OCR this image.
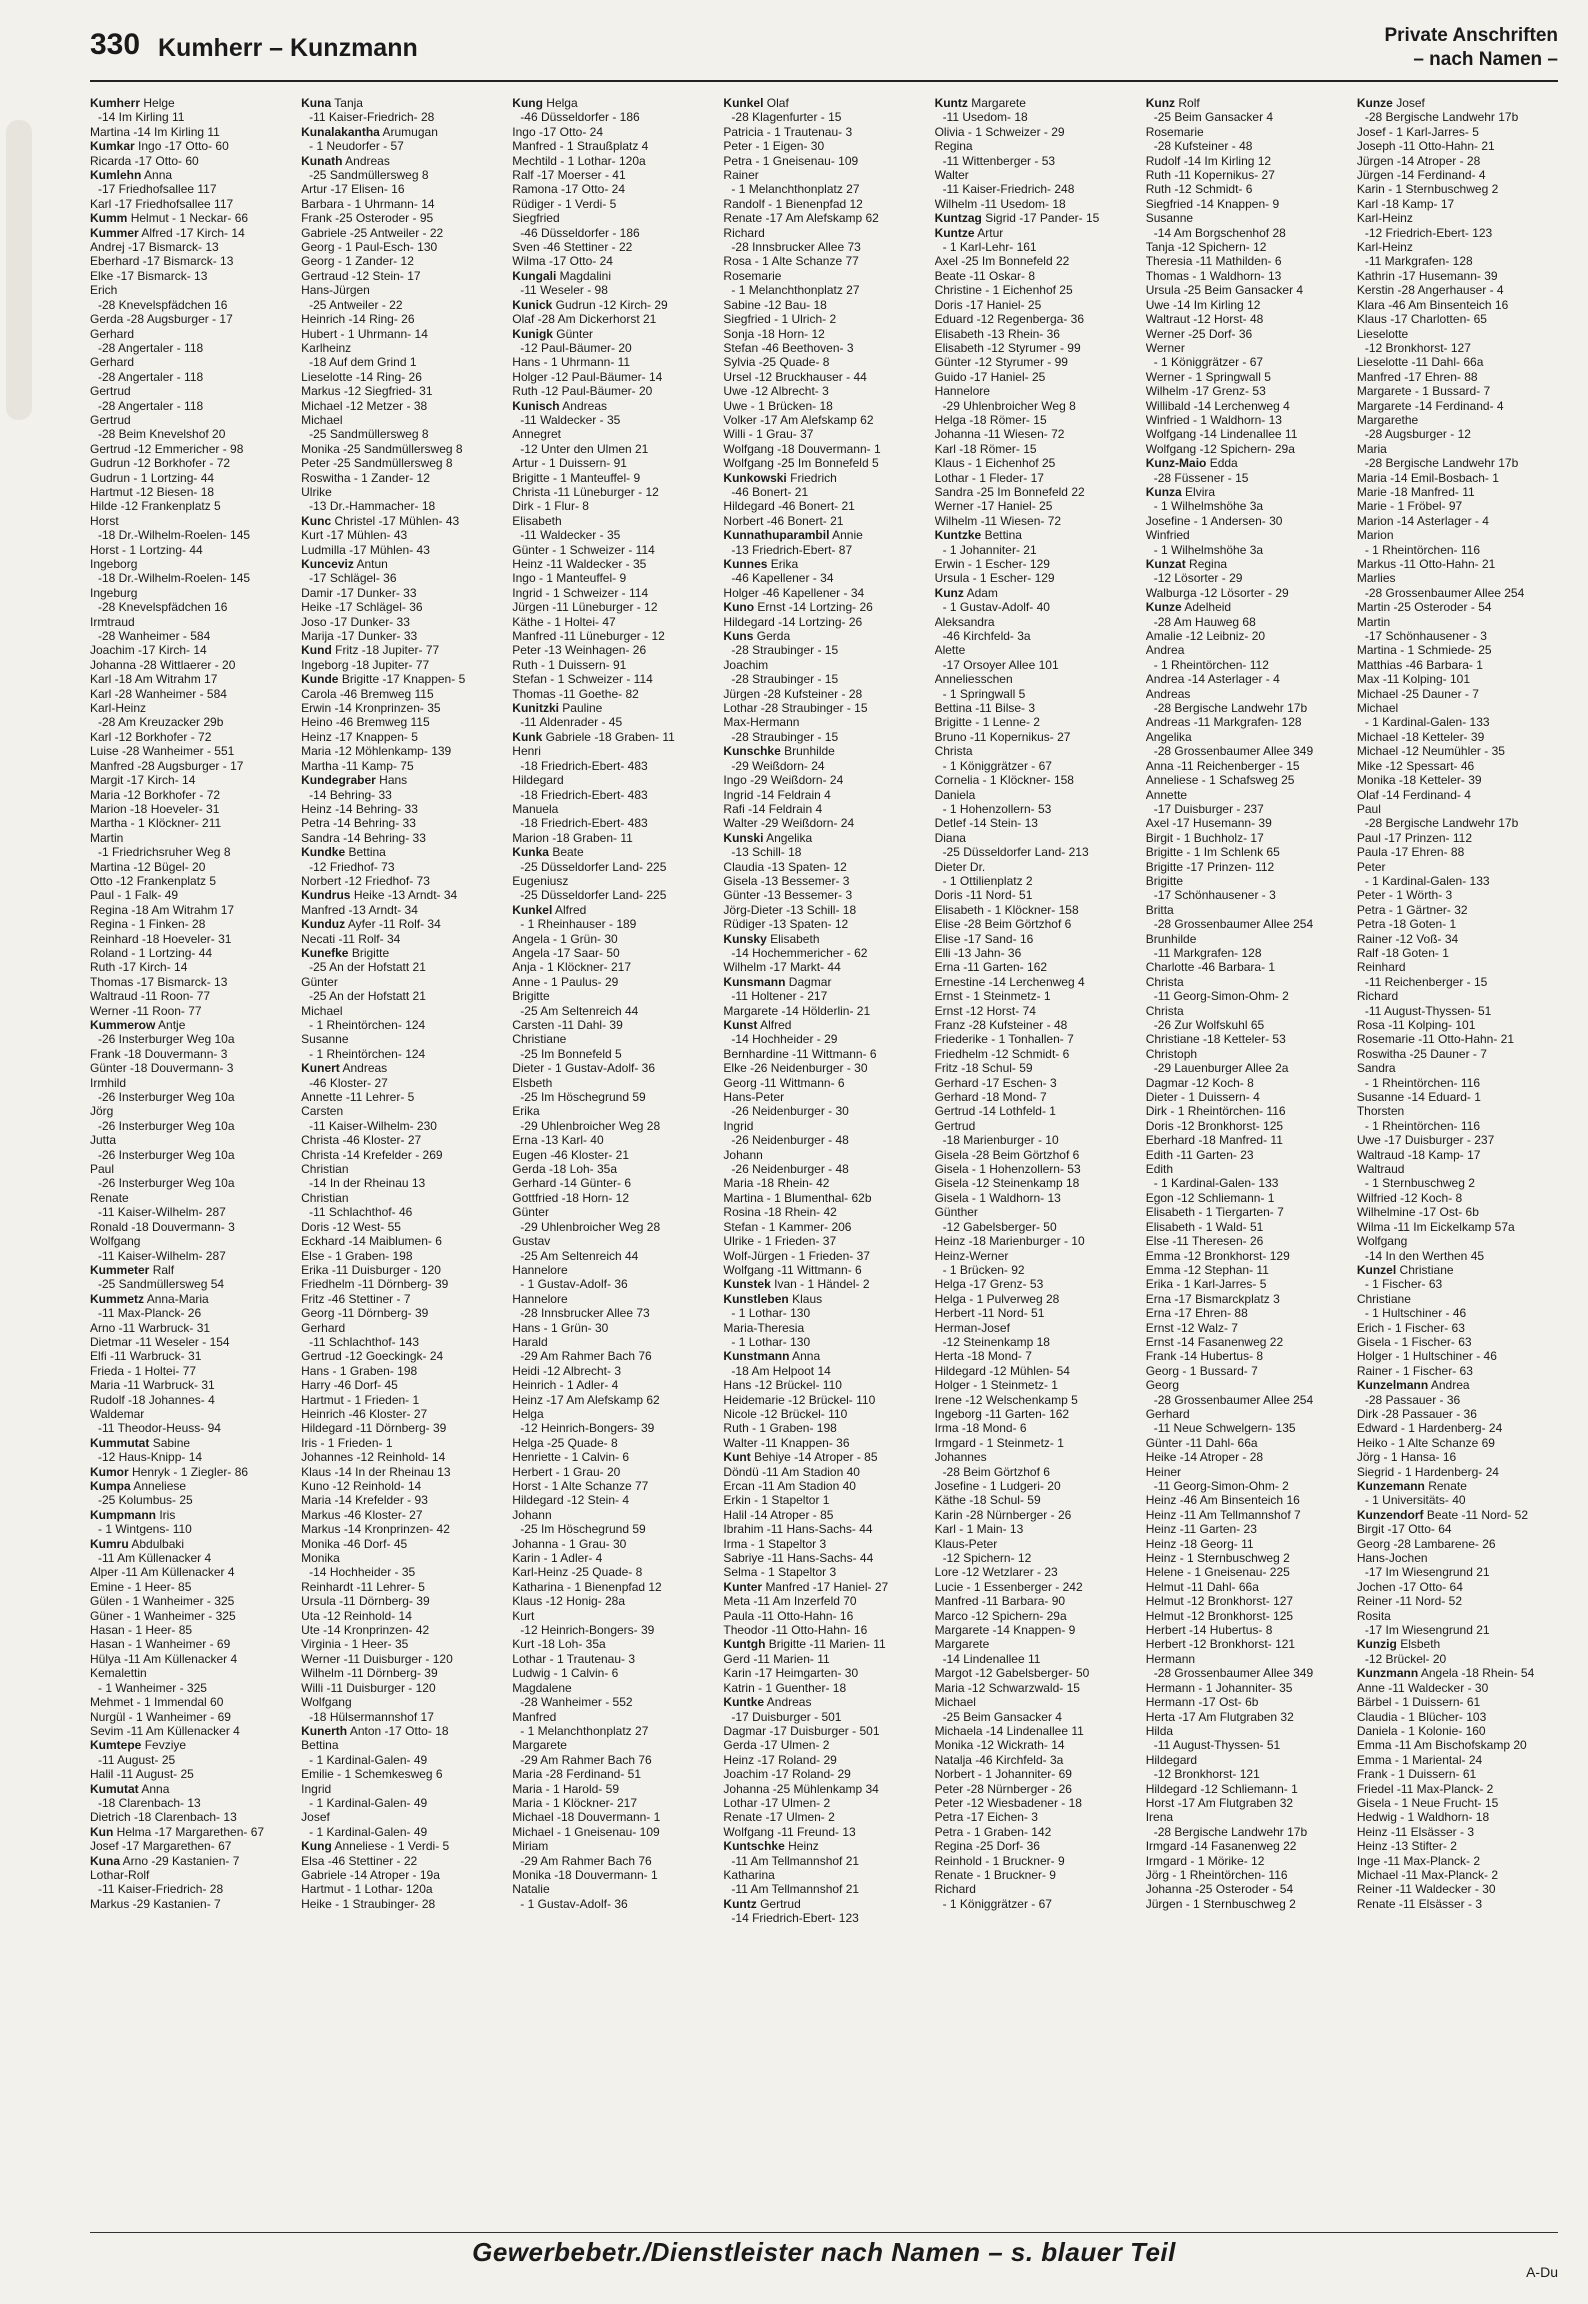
330 Kumherr – Kunzmann	Private Anschriften
– nach Namen –
Kumherr Helge
-14 Im Kirling 11
Martina -14 Im Kirling 11
Kumkar Ingo -17 Otto- 60
Ricarda -17 Otto- 60
Kumlehn Anna
-17 Friedhofsallee 117
Karl -17 Friedhofsallee 117
Kumm Helmut - 1 Neckar- 66
Kummer Alfred -17 Kirch- 14
Andrej -17 Bismarck- 13
Eberhard -17 Bismarck- 13
Elke -17 Bismarck- 13
Erich
-28 Knevelspfädchen 16
Gerda -28 Augsburger - 17
Gerhard
-28 Angertaler - 118
Gerhard
-28 Angertaler - 118
Gertrud
-28 Angertaler - 118
Gertrud
-28 Beim Knevelshof 20
Gertrud -12 Emmericher - 98
Gudrun -12 Borkhofer - 72
Gudrun - 1 Lortzing- 44
Hartmut -12 Biesen- 18
Hilde -12 Frankenplatz 5
Horst
-18 Dr.-Wilhelm-Roelen- 145
Horst - 1 Lortzing- 44
Ingeborg
-18 Dr.-Wilhelm-Roelen- 145
Ingeburg
-28 Knevelspfädchen 16
Irmtraud
-28 Wanheimer - 584
Joachim -17 Kirch- 14
Johanna -28 Wittlaerer - 20
Karl -18 Am Witrahm 17
Karl -28 Wanheimer - 584
Karl-Heinz
-28 Am Kreuzacker 29b
Karl -12 Borkhofer - 72
Luise -28 Wanheimer - 551
Manfred -28 Augsburger - 17
Margit -17 Kirch- 14
Maria -12 Borkhofer - 72
Marion -18 Hoeveler- 31
Martha - 1 Klöckner- 211
Martin
-1 Friedrichsruher Weg 8
Martina -12 Bügel- 20
Otto -12 Frankenplatz 5
Paul - 1 Falk- 49
Regina -18 Am Witrahm 17
Regina - 1 Finken- 28
Reinhard -18 Hoeveler- 31
Roland - 1 Lortzing- 44
Ruth -17 Kirch- 14
Thomas -17 Bismarck- 13
Waltraud -11 Roon- 77
Werner -11 Roon- 77
Kummerow Antje
-26 Insterburger Weg 10a
Frank -18 Douvermann- 3
Günter -18 Douvermann- 3
Irmhild
-26 Insterburger Weg 10a
Jörg
-26 Insterburger Weg 10a
Jutta
-26 Insterburger Weg 10a
Paul
-26 Insterburger Weg 10a
Renate
-11 Kaiser-Wilhelm- 287
Ronald -18 Douvermann- 3
Wolfgang
-11 Kaiser-Wilhelm- 287
Kummeter Ralf
-25 Sandmüllersweg 54
Kummetz Anna-Maria
-11 Max-Planck- 26
Arno -11 Warbruck- 31
Dietmar -11 Weseler - 154
Elfi -11 Warbruck- 31
Frieda - 1 Holtei- 77
Maria -11 Warbruck- 31
Rudolf -18 Johannes- 4
Waldemar
-11 Theodor-Heuss- 94
Kummutat Sabine
-12 Haus-Knipp- 14
Kumor Henryk - 1 Ziegler- 86
Kumpa Anneliese
-25 Kolumbus- 25
Kumpmann Iris
- 1 Wintgens- 110
Kumru Abdulbaki
-11 Am Küllenacker 4
Alper -11 Am Küllenacker 4
Emine - 1 Heer- 85
Gülen - 1 Wanheimer - 325
Güner - 1 Wanheimer - 325
Hasan - 1 Heer- 85
Hasan - 1 Wanheimer - 69
Hülya -11 Am Küllenacker 4
Kemalettin
- 1 Wanheimer - 325
Mehmet - 1 Immendal 60
Nurgül - 1 Wanheimer - 69
Sevim -11 Am Küllenacker 4
Kumtepe Fevziye
-11 August- 25
Halil -11 August- 25
Kumutat Anna
-18 Clarenbach- 13
Dietrich -18 Clarenbach- 13
Kun Helma -17 Margarethen- 67
Josef -17 Margarethen- 67
Kuna Arno -29 Kastanien- 7
Lothar-Rolf
-11 Kaiser-Friedrich- 28
Markus -29 Kastanien- 7
Kuna Tanja
-11 Kaiser-Friedrich- 28
Kunalakantha Arumugan
- 1 Neudorfer - 57
Kunath Andreas
-25 Sandmüllersweg 8
Artur -17 Elisen- 16
Barbara - 1 Uhrmann- 14
Frank -25 Osteroder - 95
Gabriele -25 Antweiler - 22
Georg - 1 Paul-Esch- 130
Georg - 1 Zander- 12
Gertraud -12 Stein- 17
Hans-Jürgen
-25 Antweiler - 22
Heinrich -14 Ring- 26
Hubert - 1 Uhrmann- 14
Karlheinz
-18 Auf dem Grind 1
Lieselotte -14 Ring- 26
Markus -12 Siegfried- 31
Michael -12 Metzer - 38
Michael
-25 Sandmüllersweg 8
Monika -25 Sandmüllersweg 8
Peter -25 Sandmüllersweg 8
Roswitha - 1 Zander- 12
Ulrike
-13 Dr.-Hammacher- 18
Kunc Christel -17 Mühlen- 43
Kurt -17 Mühlen- 43
Ludmilla -17 Mühlen- 43
Kunceviz Antun
-17 Schlägel- 36
Damir -17 Dunker- 33
Heike -17 Schlägel- 36
Joso -17 Dunker- 33
Marija -17 Dunker- 33
Kund Fritz -18 Jupiter- 77
Ingeborg -18 Jupiter- 77
Kunde Brigitte -17 Knappen- 5
Carola -46 Bremweg 115
Erwin -14 Kronprinzen- 35
Heino -46 Bremweg 115
Heinz -17 Knappen- 5
Maria -12 Möhlenkamp- 139
Martha -11 Kamp- 75
Kundegraber Hans
-14 Behring- 33
Heinz -14 Behring- 33
Petra -14 Behring- 33
Sandra -14 Behring- 33
Kundke Bettina
-12 Friedhof- 73
Norbert -12 Friedhof- 73
Kundrus Heike -13 Arndt- 34
Manfred -13 Arndt- 34
Kunduz Ayfer -11 Rolf- 34
Necati -11 Rolf- 34
Kunefke Brigitte
-25 An der Hofstatt 21
Günter
-25 An der Hofstatt 21
Michael
- 1 Rheintörchen- 124
Susanne
- 1 Rheintörchen- 124
Kunert Andreas
-46 Kloster- 27
Annette -11 Lehrer- 5
Carsten
-11 Kaiser-Wilhelm- 230
Christa -46 Kloster- 27
Christa -14 Krefelder - 269
Christian
-14 In der Rheinau 13
Christian
-11 Schlachthof- 46
Doris -12 West- 55
Eckhard -14 Maiblumen- 6
Else - 1 Graben- 198
Erika -11 Duisburger - 120
Friedhelm -11 Dörnberg- 39
Fritz -46 Stettiner - 7
Georg -11 Dörnberg- 39
Gerhard
-11 Schlachthof- 143
Gertrud -12 Goeckingk- 24
Hans - 1 Graben- 198
Harry -46 Dorf- 45
Hartmut - 1 Frieden- 1
Heinrich -46 Kloster- 27
Hildegard -11 Dörnberg- 39
Iris - 1 Frieden- 1
Johannes -12 Reinhold- 14
Klaus -14 In der Rheinau 13
Kuno -12 Reinhold- 14
Maria -14 Krefelder - 93
Markus -46 Kloster- 27
Markus -14 Kronprinzen- 42
Monika -46 Dorf- 45
Monika
-14 Hochheider - 35
Reinhardt -11 Lehrer- 5
Ursula -11 Dörnberg- 39
Uta -12 Reinhold- 14
Ute -14 Kronprinzen- 42
Virginia - 1 Heer- 35
Werner -11 Duisburger - 120
Wilhelm -11 Dörnberg- 39
Willi -11 Duisburger - 120
Wolfgang
-18 Hülsermannshof 17
Kunerth Anton -17 Otto- 18
Bettina
- 1 Kardinal-Galen- 49
Emilie - 1 Schemkesweg 6
Ingrid
- 1 Kardinal-Galen- 49
Josef
- 1 Kardinal-Galen- 49
Kung Anneliese - 1 Verdi- 5
Elsa -46 Stettiner - 22
Gabriele -14 Atroper - 19a
Hartmut - 1 Lothar- 120a
Heike - 1 Straubinger- 28
Kung Helga
-46 Düsseldorfer - 186
Ingo -17 Otto- 24
Manfred - 1 Straußplatz 4
Mechtild - 1 Lothar- 120a
Ralf -17 Moerser - 41
Ramona -17 Otto- 24
Rüdiger - 1 Verdi- 5
Siegfried
-46 Düsseldorfer - 186
Sven -46 Stettiner - 22
Wilma -17 Otto- 24
Kungali Magdalini
-11 Weseler - 98
Kunick Gudrun -12 Kirch- 29
Olaf -28 Am Dickerhorst 21
Kunigk Günter
-12 Paul-Bäumer- 20
Hans - 1 Uhrmann- 11
Holger -12 Paul-Bäumer- 14
Ruth -12 Paul-Bäumer- 20
Kunisch Andreas
-11 Waldecker - 35
Annegret
-12 Unter den Ulmen 21
Artur - 1 Duissern- 91
Brigitte - 1 Manteuffel- 9
Christa -11 Lüneburger - 12
Dirk - 1 Flur- 8
Elisabeth
-11 Waldecker - 35
Günter - 1 Schweizer - 114
Heinz -11 Waldecker - 35
Ingo - 1 Manteuffel- 9
Ingrid - 1 Schweizer - 114
Jürgen -11 Lüneburger - 12
Käthe - 1 Holtei- 47
Manfred -11 Lüneburger - 12
Peter -13 Weinhagen- 26
Ruth - 1 Duissern- 91
Stefan - 1 Schweizer - 114
Thomas -11 Goethe- 82
Kunitzki Pauline
-11 Aldenrader - 45
Kunk Gabriele -18 Graben- 11
Henri
-18 Friedrich-Ebert- 483
Hildegard
-18 Friedrich-Ebert- 483
Manuela
-18 Friedrich-Ebert- 483
Marion -18 Graben- 11
Kunka Beate
-25 Düsseldorfer Land- 225
Eugeniusz
-25 Düsseldorfer Land- 225
Kunkel Alfred
- 1 Rheinhauser - 189
Angela - 1 Grün- 30
Angela -17 Saar- 50
Anja - 1 Klöckner- 217
Anne - 1 Paulus- 29
Brigitte
-25 Am Seltenreich 44
Carsten -11 Dahl- 39
Christiane
-25 Im Bonnefeld 5
Dieter - 1 Gustav-Adolf- 36
Elsbeth
-25 Im Höschegrund 59
Erika
-29 Uhlenbroicher Weg 28
Erna -13 Karl- 40
Eugen -46 Kloster- 21
Gerda -18 Loh- 35a
Gerhard -14 Günter- 6
Gottfried -18 Horn- 12
Günter
-29 Uhlenbroicher Weg 28
Gustav
-25 Am Seltenreich 44
Hannelore
- 1 Gustav-Adolf- 36
Hannelore
-28 Innsbrucker Allee 73
Hans - 1 Grün- 30
Harald
-29 Am Rahmer Bach 76
Heidi -12 Albrecht- 3
Heinrich - 1 Adler- 4
Heinz -17 Am Alefskamp 62
Helga
-12 Heinrich-Bongers- 39
Helga -25 Quade- 8
Henriette - 1 Calvin- 6
Herbert - 1 Grau- 20
Horst - 1 Alte Schanze 77
Hildegard -12 Stein- 4
Johann
-25 Im Höschegrund 59
Johanna - 1 Grau- 30
Karin - 1 Adler- 4
Karl-Heinz -25 Quade- 8
Katharina - 1 Bienenpfad 12
Klaus -12 Honig- 28a
Kurt
-12 Heinrich-Bongers- 39
Kurt -18 Loh- 35a
Lothar - 1 Trautenau- 3
Ludwig - 1 Calvin- 6
Magdalene
-28 Wanheimer - 552
Manfred
- 1 Melanchthonplatz 27
Margarete
-29 Am Rahmer Bach 76
Maria -28 Ferdinand- 51
Maria - 1 Harold- 59
Maria - 1 Klöckner- 217
Michael -18 Douvermann- 1
Michael - 1 Gneisenau- 109
Miriam
-29 Am Rahmer Bach 76
Monika -18 Douvermann- 1
Natalie
- 1 Gustav-Adolf- 36
Kunkel Olaf
-28 Klagenfurter - 15
Patricia - 1 Trautenau- 3
Peter - 1 Eigen- 30
Petra - 1 Gneisenau- 109
Rainer
- 1 Melanchthonplatz 27
Randolf - 1 Bienenpfad 12
Renate -17 Am Alefskamp 62
Richard
-28 Innsbrucker Allee 73
Rosa - 1 Alte Schanze 77
Rosemarie
- 1 Melanchthonplatz 27
Sabine -12 Bau- 18
Siegfried - 1 Ulrich- 2
Sonja -18 Horn- 12
Stefan -46 Beethoven- 3
Sylvia -25 Quade- 8
Ursel -12 Bruckhauser - 44
Uwe -12 Albrecht- 3
Uwe - 1 Brücken- 18
Volker -17 Am Alefskamp 62
Willi - 1 Grau- 37
Wolfgang -18 Douvermann- 1
Wolfgang -25 Im Bonnefeld 5
Kunkowski Friedrich
-46 Bonert- 21
Hildegard -46 Bonert- 21
Norbert -46 Bonert- 21
Kunnathuparambil Annie
-13 Friedrich-Ebert- 87
Kunnes Erika
-46 Kapellener - 34
Holger -46 Kapellener - 34
Kuno Ernst -14 Lortzing- 26
Hildegard -14 Lortzing- 26
Kuns Gerda
-28 Straubinger - 15
Joachim
-28 Straubinger - 15
Jürgen -28 Kufsteiner - 28
Lothar -28 Straubinger - 15
Max-Hermann
-28 Straubinger - 15
Kunschke Brunhilde
-29 Weißdorn- 24
Ingo -29 Weißdorn- 24
Ingrid -14 Feldrain 4
Rafi -14 Feldrain 4
Walter -29 Weißdorn- 24
Kunski Angelika
-13 Schill- 18
Claudia -13 Spaten- 12
Gisela -13 Bessemer- 3
Günter -13 Bessemer- 3
Jörg-Dieter -13 Schill- 18
Rüdiger -13 Spaten- 12
Kunsky Elisabeth
-14 Hochemmericher - 62
Wilhelm -17 Markt- 44
Kunsmann Dagmar
-11 Holtener - 217
Margarete -14 Hölderlin- 21
Kunst Alfred
-14 Hochheider - 29
Bernhardine -11 Wittmann- 6
Elke -26 Neidenburger - 30
Georg -11 Wittmann- 6
Hans-Peter
-26 Neidenburger - 30
Ingrid
-26 Neidenburger - 48
Johann
-26 Neidenburger - 48
Maria -18 Rhein- 42
Martina - 1 Blumenthal- 62b
Rosina -18 Rhein- 42
Stefan - 1 Kammer- 206
Ulrike - 1 Frieden- 37
Wolf-Jürgen - 1 Frieden- 37
Wolfgang -11 Wittmann- 6
Kunstek Ivan - 1 Händel- 2
Kunstleben Klaus
- 1 Lothar- 130
Maria-Theresia
- 1 Lothar- 130
Kunstmann Anna
-18 Am Helpoot 14
Hans -12 Brückel- 110
Heidemarie -12 Brückel- 110
Nicole -12 Brückel- 110
Ruth - 1 Graben- 198
Walter -11 Knappen- 36
Kunt Behiye -14 Atroper - 85
Döndü -11 Am Stadion 40
Ercan -11 Am Stadion 40
Erkin - 1 Stapeltor 1
Halil -14 Atroper - 85
Ibrahim -11 Hans-Sachs- 44
Irma - 1 Stapeltor 3
Sabriye -11 Hans-Sachs- 44
Selma - 1 Stapeltor 3
Kunter Manfred -17 Haniel- 27
Meta -11 Am Inzerfeld 70
Paula -11 Otto-Hahn- 16
Theodor -11 Otto-Hahn- 16
Kuntgh Brigitte -11 Marien- 11
Gerd -11 Marien- 11
Karin -17 Heimgarten- 30
Katrin - 1 Guenther- 18
Kuntke Andreas
-17 Duisburger - 501
Dagmar -17 Duisburger - 501
Gerda -17 Ulmen- 2
Heinz -17 Roland- 29
Joachim -17 Roland- 29
Johanna -25 Mühlenkamp 34
Lothar -17 Ulmen- 2
Renate -17 Ulmen- 2
Wolfgang -11 Freund- 13
Kuntschke Heinz
-11 Am Tellmannshof 21
Katharina
-11 Am Tellmannshof 21
Kuntz Gertrud
-14 Friedrich-Ebert- 123
Kuntz Margarete
-11 Usedom- 18
Olivia - 1 Schweizer - 29
Regina
-11 Wittenberger - 53
Walter
-11 Kaiser-Friedrich- 248
Wilhelm -11 Usedom- 18
Kuntzag Sigrid -17 Pander- 15
Kuntze Artur
- 1 Karl-Lehr- 161
Axel -25 Im Bonnefeld 22
Beate -11 Oskar- 8
Christine - 1 Eichenhof 25
Doris -17 Haniel- 25
Eduard -12 Regenberga- 36
Elisabeth -13 Rhein- 36
Elisabeth -12 Styrumer - 99
Günter -12 Styrumer - 99
Guido -17 Haniel- 25
Hannelore
-29 Uhlenbroicher Weg 8
Helga -18 Römer- 15
Johanna -11 Wiesen- 72
Karl -18 Römer- 15
Klaus - 1 Eichenhof 25
Lothar - 1 Fleder- 17
Sandra -25 Im Bonnefeld 22
Werner -17 Haniel- 25
Wilhelm -11 Wiesen- 72
Kuntzke Bettina
- 1 Johanniter- 21
Erwin - 1 Escher- 129
Ursula - 1 Escher- 129
Kunz Adam
- 1 Gustav-Adolf- 40
Aleksandra
-46 Kirchfeld- 3a
Alette
-17 Orsoyer Allee 101
Anneliesschen
- 1 Springwall 5
Bettina -11 Bilse- 3
Brigitte - 1 Lenne- 2
Bruno -11 Kopernikus- 27
Christa
- 1 Königgrätzer - 67
Cornelia - 1 Klöckner- 158
Daniela
- 1 Hohenzollern- 53
Detlef -14 Stein- 13
Diana
-25 Düsseldorfer Land- 213
Dieter Dr.
- 1 Ottilienplatz 2
Doris -11 Nord- 51
Elisabeth - 1 Klöckner- 158
Elise -28 Beim Görtzhof 6
Elise -17 Sand- 16
Elli -13 Jahn- 36
Erna -11 Garten- 162
Ernestine -14 Lerchenweg 4
Ernst - 1 Steinmetz- 1
Ernst -12 Horst- 74
Franz -28 Kufsteiner - 48
Friederike - 1 Tonhallen- 7
Friedhelm -12 Schmidt- 6
Fritz -18 Schul- 59
Gerhard -17 Eschen- 3
Gerhard -18 Mond- 7
Gertrud -14 Lothfeld- 1
Gertrud
-18 Marienburger - 10
Gisela -28 Beim Görtzhof 6
Gisela - 1 Hohenzollern- 53
Gisela -12 Steinenkamp 18
Gisela - 1 Waldhorn- 13
Günther
-12 Gabelsberger- 50
Heinz -18 Marienburger - 10
Heinz-Werner
- 1 Brücken- 92
Helga -17 Grenz- 53
Helga - 1 Pulverweg 28
Herbert -11 Nord- 51
Herman-Josef
-12 Steinenkamp 18
Herta -18 Mond- 7
Hildegard -12 Mühlen- 54
Holger - 1 Steinmetz- 1
Irene -12 Welschenkamp 5
Ingeborg -11 Garten- 162
Irma -18 Mond- 6
Irmgard - 1 Steinmetz- 1
Johannes
-28 Beim Görtzhof 6
Josefine - 1 Ludgeri- 20
Käthe -18 Schul- 59
Karin -28 Nürnberger - 26
Karl - 1 Main- 13
Klaus-Peter
-12 Spichern- 12
Lore -12 Wetzlarer - 23
Lucie - 1 Essenberger - 242
Manfred -11 Barbara- 90
Marco -12 Spichern- 29a
Margarete -14 Knappen- 9
Margarete
-14 Lindenallee 11
Margot -12 Gabelsberger- 50
Maria -12 Schwarzwald- 15
Michael
-25 Beim Gansacker 4
Michaela -14 Lindenallee 11
Monika -12 Wickrath- 14
Natalja -46 Kirchfeld- 3a
Norbert - 1 Johanniter- 69
Peter -28 Nürnberger - 26
Peter -12 Wiesbadener - 18
Petra -17 Eichen- 3
Petra - 1 Graben- 142
Regina -25 Dorf- 36
Reinhold - 1 Bruckner- 9
Renate - 1 Bruckner- 9
Richard
- 1 Königgrätzer - 67
Kunz Rolf
-25 Beim Gansacker 4
Rosemarie
-28 Kufsteiner - 48
Rudolf -14 Im Kirling 12
Ruth -11 Kopernikus- 27
Ruth -12 Schmidt- 6
Siegfried -14 Knappen- 9
Susanne
-14 Am Borgschenhof 28
Tanja -12 Spichern- 12
Theresia -11 Mathilden- 6
Thomas - 1 Waldhorn- 13
Ursula -25 Beim Gansacker 4
Uwe -14 Im Kirling 12
Waltraut -12 Horst- 48
Werner -25 Dorf- 36
Werner
- 1 Königgrätzer - 67
Werner - 1 Springwall 5
Wilhelm -17 Grenz- 53
Willibald -14 Lerchenweg 4
Winfried - 1 Waldhorn- 13
Wolfgang -14 Lindenallee 11
Wolfgang -12 Spichern- 29a
Kunz-Maio Edda
-28 Füssener - 15
Kunza Elvira
- 1 Wilhelmshöhe 3a
Josefine - 1 Andersen- 30
Winfried
- 1 Wilhelmshöhe 3a
Kunzat Regina
-12 Lösorter - 29
Walburga -12 Lösorter - 29
Kunze Adelheid
-28 Am Hauweg 68
Amalie -12 Leibniz- 20
Andrea
- 1 Rheintörchen- 112
Andrea -14 Asterlager - 4
Andreas
-28 Bergische Landwehr 17b
Andreas -11 Markgrafen- 128
Angelika
-28 Grossenbaumer Allee 349
Anna -11 Reichenberger - 15
Anneliese - 1 Schafsweg 25
Annette
-17 Duisburger - 237
Axel -17 Husemann- 39
Birgit - 1 Buchholz- 17
Brigitte - 1 Im Schlenk 65
Brigitte -17 Prinzen- 112
Brigitte
-17 Schönhausener - 3
Britta
-28 Grossenbaumer Allee 254
Brunhilde
-11 Markgrafen- 128
Charlotte -46 Barbara- 1
Christa
-11 Georg-Simon-Ohm- 2
Christa
-26 Zur Wolfskuhl 65
Christiane -18 Ketteler- 53
Christoph
-29 Lauenburger Allee 2a
Dagmar -12 Koch- 8
Dieter - 1 Duissern- 4
Dirk - 1 Rheintörchen- 116
Doris -12 Bronkhorst- 125
Eberhard -18 Manfred- 11
Edith -11 Garten- 23
Edith
- 1 Kardinal-Galen- 133
Egon -12 Schliemann- 1
Elisabeth - 1 Tiergarten- 7
Elisabeth - 1 Wald- 51
Else -11 Theresen- 26
Emma -12 Bronkhorst- 129
Emma -12 Stephan- 11
Erika - 1 Karl-Jarres- 5
Erna -17 Bismarckplatz 3
Erna -17 Ehren- 88
Ernst -12 Walz- 7
Ernst -14 Fasanenweg 22
Frank -14 Hubertus- 8
Georg - 1 Bussard- 7
Georg
-28 Grossenbaumer Allee 254
Gerhard
-11 Neue Schwelgern- 135
Günter -11 Dahl- 66a
Heike -14 Atroper - 28
Heiner
-11 Georg-Simon-Ohm- 2
Heinz -46 Am Binsenteich 16
Heinz -11 Am Tellmannshof 7
Heinz -11 Garten- 23
Heinz -18 Georg- 11
Heinz - 1 Sternbuschweg 2
Helene - 1 Gneisenau- 225
Helmut -11 Dahl- 66a
Helmut -12 Bronkhorst- 127
Helmut -12 Bronkhorst- 125
Herbert -14 Hubertus- 8
Herbert -12 Bronkhorst- 121
Hermann
-28 Grossenbaumer Allee 349
Hermann - 1 Johanniter- 35
Hermann -17 Ost- 6b
Herta -17 Am Flutgraben 32
Hilda
-11 August-Thyssen- 51
Hildegard
-12 Bronkhorst- 121
Hildegard -12 Schliemann- 1
Horst -17 Am Flutgraben 32
Irena
-28 Bergische Landwehr 17b
Irmgard -14 Fasanenweg 22
Irmgard - 1 Mörike- 12
Jörg - 1 Rheintörchen- 116
Johanna -25 Osteroder - 54
Jürgen - 1 Sternbuschweg 2
Kunze Josef
-28 Bergische Landwehr 17b
Josef - 1 Karl-Jarres- 5
Joseph -11 Otto-Hahn- 21
Jürgen -14 Atroper - 28
Jürgen -14 Ferdinand- 4
Karin - 1 Sternbuschweg 2
Karl -18 Kamp- 17
Karl-Heinz
-12 Friedrich-Ebert- 123
Karl-Heinz
-11 Markgrafen- 128
Kathrin -17 Husemann- 39
Kerstin -28 Angerhauser - 4
Klara -46 Am Binsenteich 16
Klaus -17 Charlotten- 65
Lieselotte
-12 Bronkhorst- 127
Lieselotte -11 Dahl- 66a
Manfred -17 Ehren- 88
Margarete - 1 Bussard- 7
Margarete -14 Ferdinand- 4
Margarethe
-28 Augsburger - 12
Maria
-28 Bergische Landwehr 17b
Maria -14 Emil-Bosbach- 1
Marie -18 Manfred- 11
Marie - 1 Fröbel- 97
Marion -14 Asterlager - 4
Marion
- 1 Rheintörchen- 116
Markus -11 Otto-Hahn- 21
Marlies
-28 Grossenbaumer Allee 254
Martin -25 Osteroder - 54
Martin
-17 Schönhausener - 3
Martina - 1 Schmiede- 25
Matthias -46 Barbara- 1
Max -11 Kolping- 101
Michael -25 Dauner - 7
Michael
- 1 Kardinal-Galen- 133
Michael -18 Ketteler- 39
Michael -12 Neumühler - 35
Mike -12 Spessart- 46
Monika -18 Ketteler- 39
Olaf -14 Ferdinand- 4
Paul
-28 Bergische Landwehr 17b
Paul -17 Prinzen- 112
Paula -17 Ehren- 88
Peter
- 1 Kardinal-Galen- 133
Peter - 1 Wörth- 3
Petra - 1 Gärtner- 32
Petra -18 Goten- 1
Rainer -12 Voß- 34
Ralf -18 Goten- 1
Reinhard
-11 Reichenberger - 15
Richard
-11 August-Thyssen- 51
Rosa -11 Kolping- 101
Rosemarie -11 Otto-Hahn- 21
Roswitha -25 Dauner - 7
Sandra
- 1 Rheintörchen- 116
Susanne -14 Eduard- 1
Thorsten
- 1 Rheintörchen- 116
Uwe -17 Duisburger - 237
Waltraud -18 Kamp- 17
Waltraud
- 1 Sternbuschweg 2
Wilfried -12 Koch- 8
Wilhelmine -17 Ost- 6b
Wilma -11 Im Eickelkamp 57a
Wolfgang
-14 In den Werthen 45
Kunzel Christiane
- 1 Fischer- 63
Christiane
- 1 Hultschiner - 46
Erich - 1 Fischer- 63
Gisela - 1 Fischer- 63
Holger - 1 Hultschiner - 46
Rainer - 1 Fischer- 63
Kunzelmann Andrea
-28 Passauer - 36
Dirk -28 Passauer - 36
Edward - 1 Hardenberg- 24
Heiko - 1 Alte Schanze 69
Jörg - 1 Hansa- 16
Siegrid - 1 Hardenberg- 24
Kunzemann Renate
- 1 Universitäts- 40
Kunzendorf Beate -11 Nord- 52
Birgit -17 Otto- 64
Georg -28 Lambarene- 26
Hans-Jochen
-17 Im Wiesengrund 21
Jochen -17 Otto- 64
Reiner -11 Nord- 52
Rosita
-17 Im Wiesengrund 21
Kunzig Elsbeth
-12 Brückel- 20
Kunzmann Angela -18 Rhein- 54
Anne -11 Waldecker - 30
Bärbel - 1 Duissern- 61
Claudia - 1 Blücher- 103
Daniela - 1 Kolonie- 160
Emma -11 Am Bischofskamp 20
Emma - 1 Mariental- 24
Frank - 1 Duissern- 61
Friedel -11 Max-Planck- 2
Gisela - 1 Neue Frucht- 15
Hedwig - 1 Waldhorn- 18
Heinz -11 Elsässer - 3
Heinz -13 Stifter- 2
Inge -11 Max-Planck- 2
Michael -11 Max-Planck- 2
Reiner -11 Waldecker - 30
Renate -11 Elsässer - 3
Gewerbebetr./Dienstleister nach Namen – s. blauer Teil
A-Du
